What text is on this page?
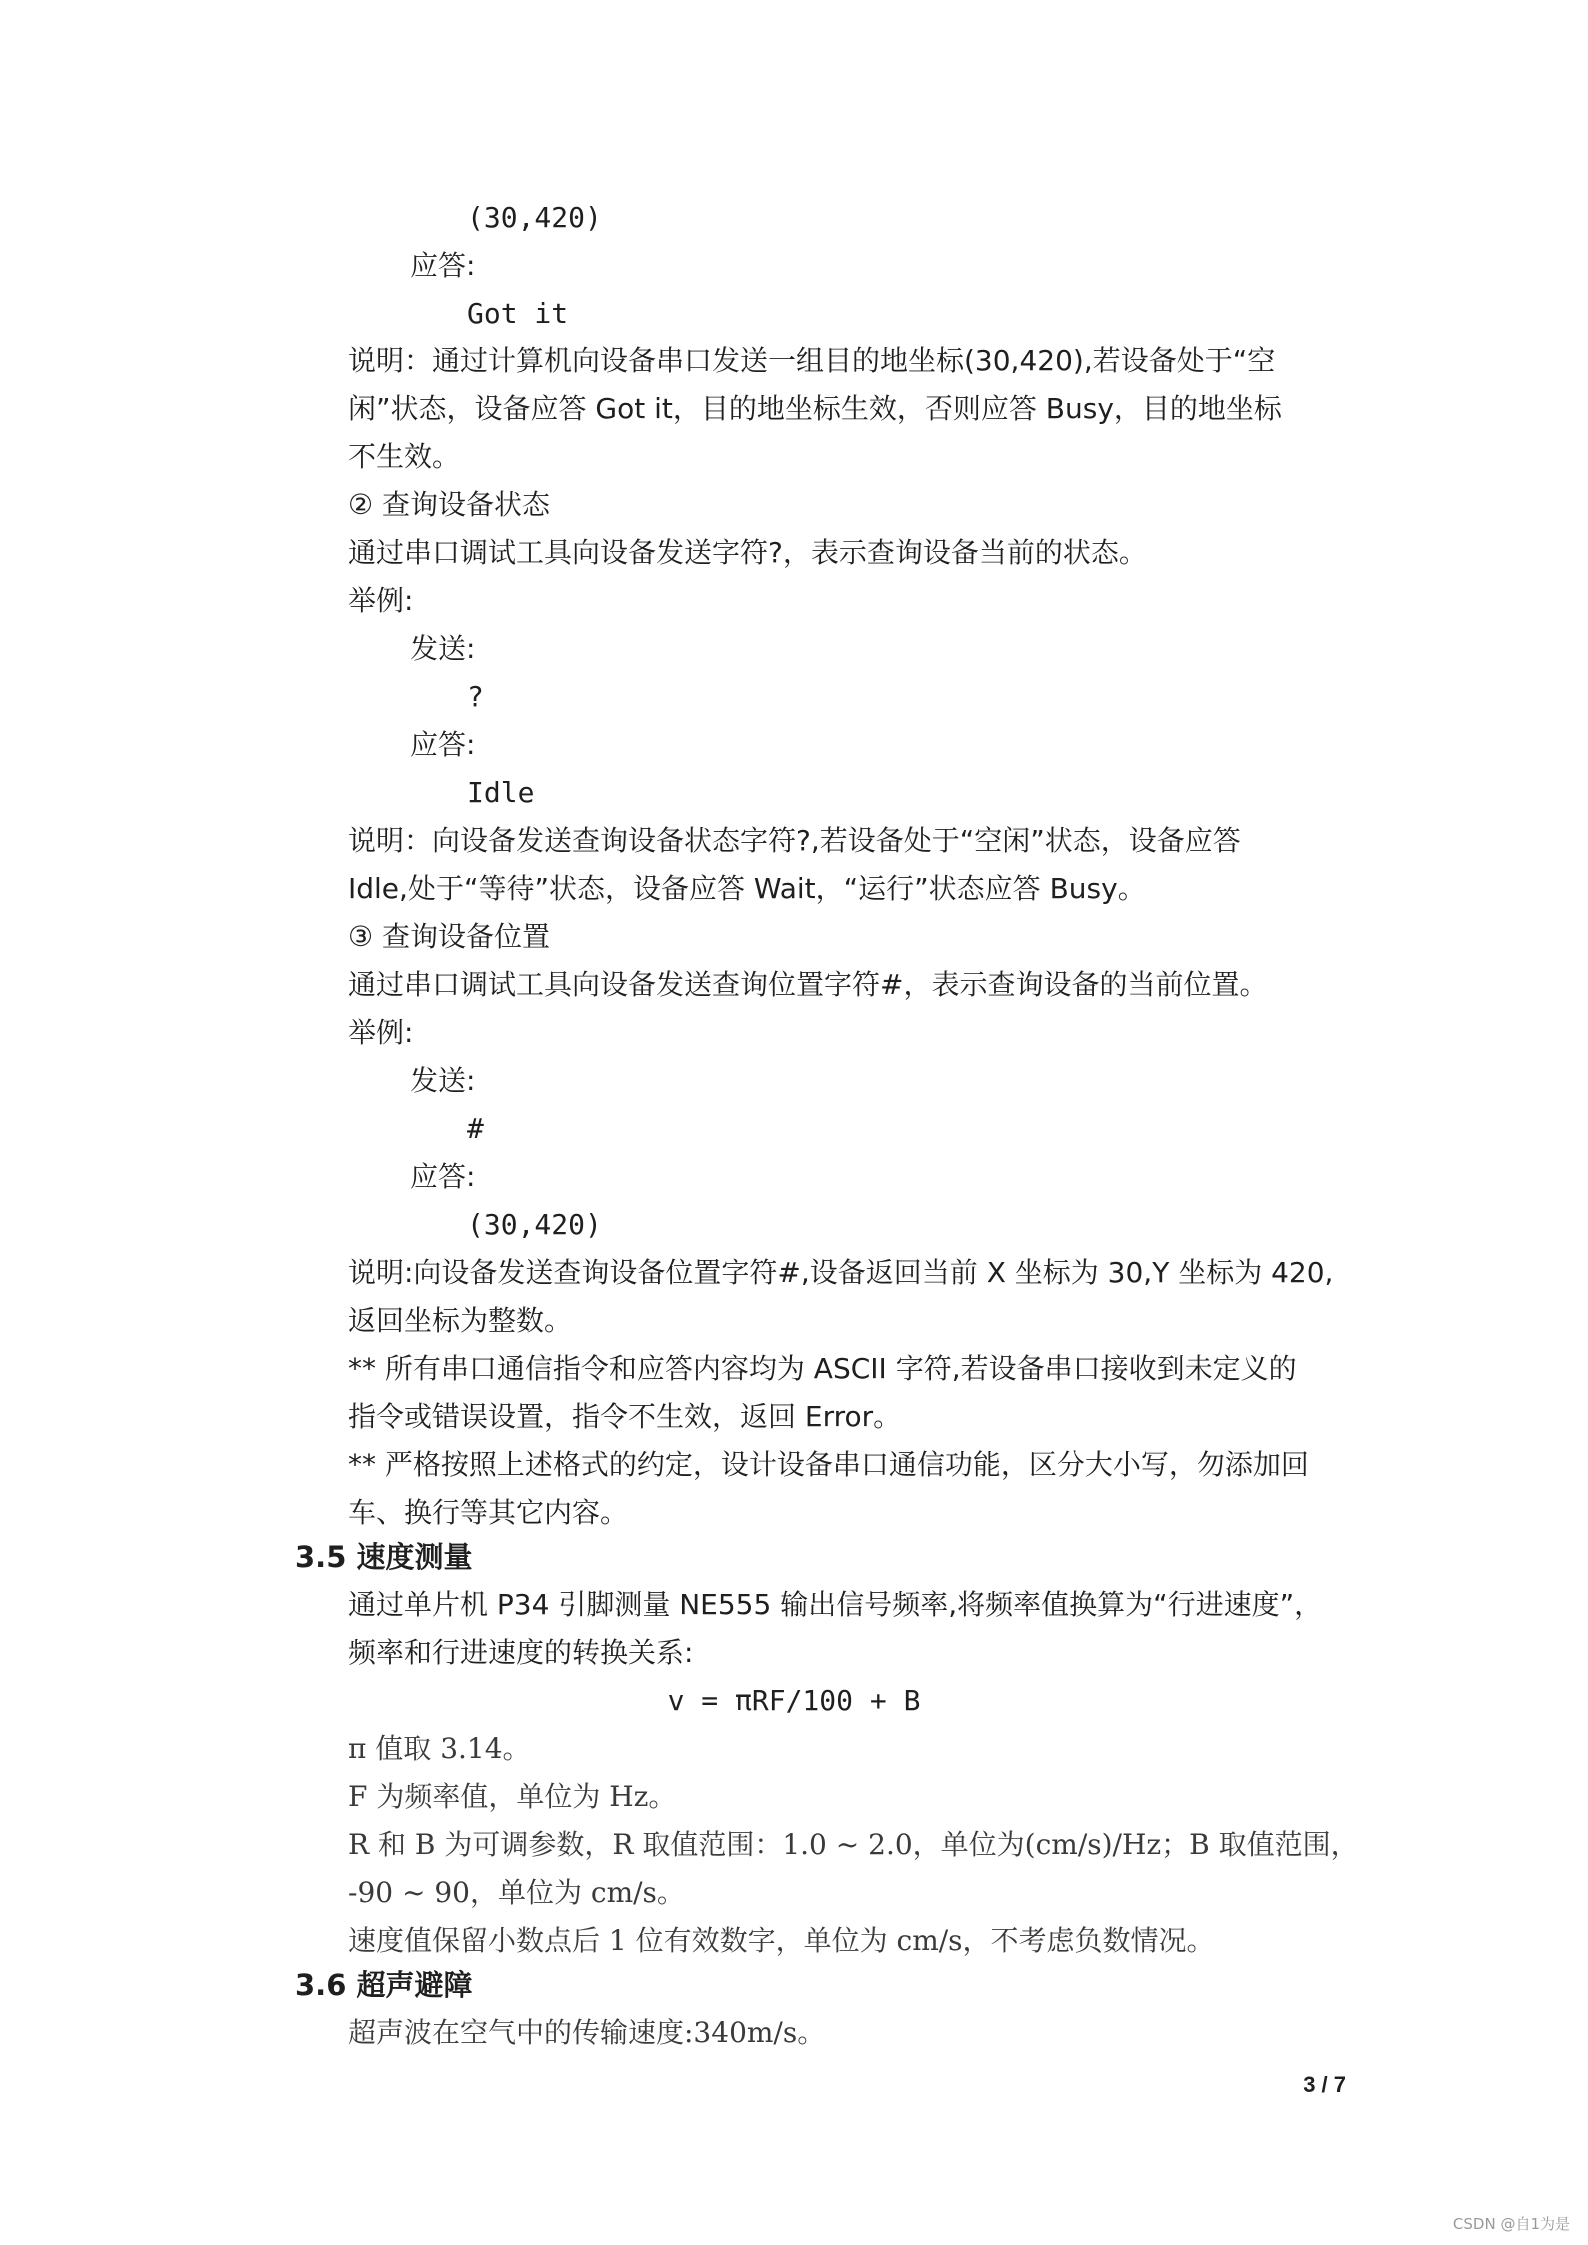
(30,420)
应答:
Got it
说明：通过计算机向设备串口发送一组目的地坐标(30,420),若设备处于“空
闲”状态，设备应答 Got it，目的地坐标生效，否则应答 Busy，目的地坐标
不生效。
② 查询设备状态
通过串口调试工具向设备发送字符?，表示查询设备当前的状态。
举例:
发送:
?
应答:
Idle
说明：向设备发送查询设备状态字符?,若设备处于“空闲”状态，设备应答
Idle,处于“等待”状态，设备应答 Wait，“运行”状态应答 Busy。
③ 查询设备位置
通过串口调试工具向设备发送查询位置字符#，表示查询设备的当前位置。
举例:
发送:
#
应答:
(30,420)
说明:向设备发送查询设备位置字符#,设备返回当前 X 坐标为 30,Y 坐标为 420,
返回坐标为整数。
** 所有串口通信指令和应答内容均为 ASCII 字符,若设备串口接收到未定义的
指令或错误设置，指令不生效，返回 Error。
** 严格按照上述格式的约定，设计设备串口通信功能，区分大小写，勿添加回
车、换行等其它内容。
3.5 速度测量
通过单片机 P34 引脚测量 NE555 输出信号频率,将频率值换算为“行进速度”，
频率和行进速度的转换关系:
v = πRF/100 + B
π 值取 3.14。
F 为频率值，单位为 Hz。
R 和 B 为可调参数，R 取值范围：1.0 ~ 2.0，单位为(cm/s)/Hz；B 取值范围，
-90 ~ 90，单位为 cm/s。
速度值保留小数点后 1 位有效数字，单位为 cm/s，不考虑负数情况。
3.6 超声避障
超声波在空气中的传输速度:340m/s。
3 / 7
CSDN @自1为是
